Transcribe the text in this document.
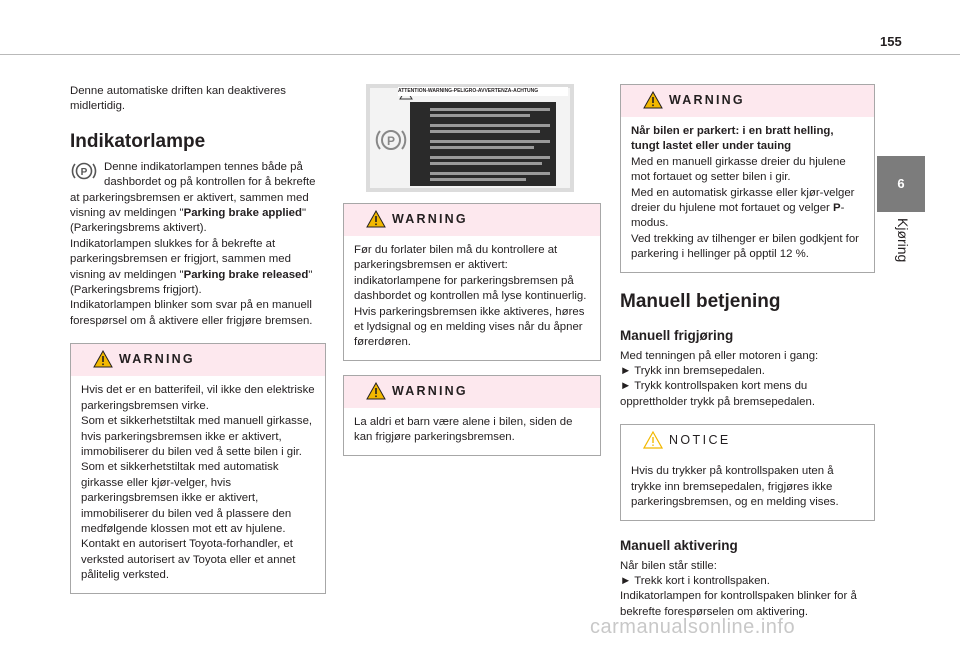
155
6
Kjøring

Denne automatiske driften kan deaktiveres midlertidig.

Indikatorlampe

P Denne indikatorlampen tennes både på dashbordet og på kontrollen for å bekrefte at parkeringsbremsen er aktivert, sammen med visning av meldingen "Parking brake applied" (Parkeringsbrems aktivert).
Indikatorlampen slukkes for å bekrefte at parkeringsbremsen er frigjort, sammen med visning av meldingen "Parking brake released" (Parkeringsbrems frigjort).
Indikatorlampen blinker som svar på en manuell forespørsel om å aktivere eller frigjøre bremsen.

WARNING

Hvis det er en batterifeil, vil ikke den elektriske parkeringsbremsen virke.

Som et sikkerhetstiltak med manuell girkasse, hvis parkeringsbremsen ikke er aktivert, immobiliserer du bilen ved å sette bilen i gir.

Som et sikkerhetstiltak med automatisk girkasse eller kjør-velger, hvis parkeringsbremsen ikke er aktivert, immobiliserer du bilen ved å plassere den medfølgende klossen mot ett av hjulene.

Kontakt en autorisert Toyota-forhandler, et verksted autorisert av Toyota eller et annet pålitelig verksted.

ATTENTION-WARNING-PELIGRO-AVVERTENZA-ACHTUNG
P
WARNING

Før du forlater bilen må du kontrollere at parkeringsbremsen er aktivert: indikatorlampene for parkeringsbremsen på dashbordet og kontrollen må lyse kontinuerlig. Hvis parkeringsbremsen ikke aktiveres, høres et lydsignal og en melding vises når du åpner førerdøren.

WARNING

La aldri et barn være alene i bilen, siden de kan frigjøre parkeringsbremsen.

WARNING

Når bilen er parkert: i en bratt helling, tungt lastet eller under tauing

Med en manuell girkasse dreier du hjulene mot fortauet og setter bilen i gir.

Med en automatisk girkasse eller kjør-velger dreier du hjulene mot fortauet og velger P-modus.

Ved trekking av tilhenger er bilen godkjent for parkering i hellinger på opptil 12 %.

Manuell betjening
Manuell frigjøring

Med tenningen på eller motoren i gang:

► Trykk inn bremsepedalen.

► Trykk kontrollspaken kort mens du opprettholder trykk på bremsepedalen.

NOTICE

Hvis du trykker på kontrollspaken uten å trykke inn bremsepedalen, frigjøres ikke parkeringsbremsen, og en melding vises.

Manuell aktivering

Når bilen står stille:

► Trekk kort i kontrollspaken.

Indikatorlampen for kontrollspaken blinker for å bekrefte forespørselen om aktivering.

carmanualsonline.info
